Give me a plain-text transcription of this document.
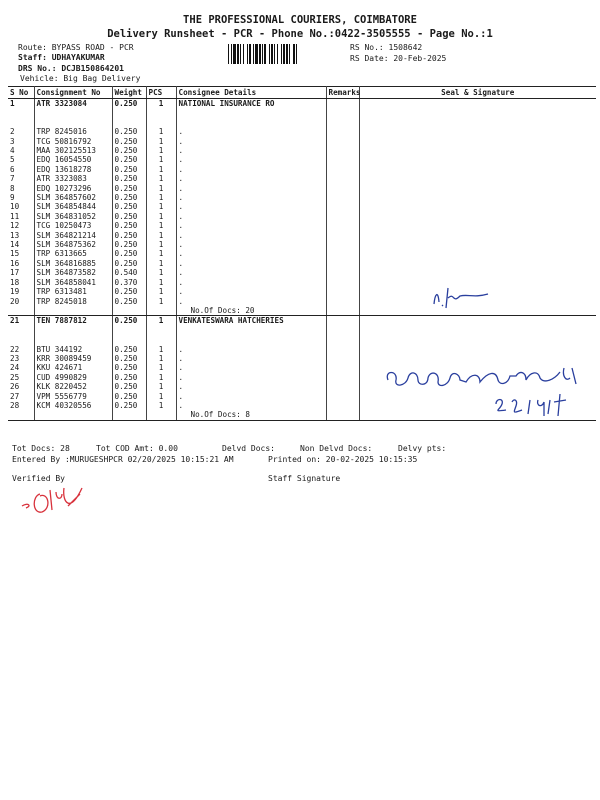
THE PROFESSIONAL COURIERS, COIMBATORE
Delivery Runsheet - PCR - Phone No.:0422-3505555 - Page No.:1
Route: BYPASS ROAD - PCR
Staff: UDHAYAKUMAR
DRS No.: DCJB150864201
Vehicle: Big Bag Delivery
RS No.: 1508642
RS Date: 20-Feb-2025
S No	Consignment No	Weight	PCS	Consignee Details	Remarks	Seal & Signature
1	ATR 3323084	0.250	1	NATIONAL INSURANCE RO		

2	TRP 8245016	0.250	1	.		
3	TCG 50816792	0.250	1	.		
4	MAA 302125513	0.250	1	.		
5	EDQ 16054550	0.250	1	.		
6	EDQ 13618278	0.250	1	.		
7	ATR 3323083	0.250	1	.		
8	EDQ 10273296	0.250	1	.		
9	SLM 364857602	0.250	1	.		
10	SLM 364854844	0.250	1	.		
11	SLM 364831052	0.250	1	.		
12	TCG 10250473	0.250	1	.		
13	SLM 364821214	0.250	1	.		
14	SLM 364875362	0.250	1	.		
15	TRP 6313665	0.250	1	.		
16	SLM 364816885	0.250	1	.		
17	SLM 364873582	0.540	1	.		
18	SLM 364858041	0.370	1	.		
19	TRP 6313481	0.250	1	.		
20	TRP 8245018	0.250	1	.		
				No.Of Docs: 20		
21	TEN 7887812	0.250	1	VENKATESWARA HATCHERIES		

22	BTU 344192	0.250	1	.		
23	KRR 30089459	0.250	1	.		
24	KKU 424671	0.250	1	.		
25	CUD 4990829	0.250	1	.		
26	KLK 8220452	0.250	1	.		
27	VPM 5556779	0.250	1	.		
28	KCM 40320556	0.250	1	.		
				No.Of Docs: 8		
Tot Docs: 28	Tot COD Amt: 0.00	Delvd Docs:	Non Delvd Docs:	Delvy pts:
Entered By :MURUGESHPCR 02/20/2025 10:15:21 AM	Printed on: 20-02-2025 10:15:35
Verified By	Staff Signature
